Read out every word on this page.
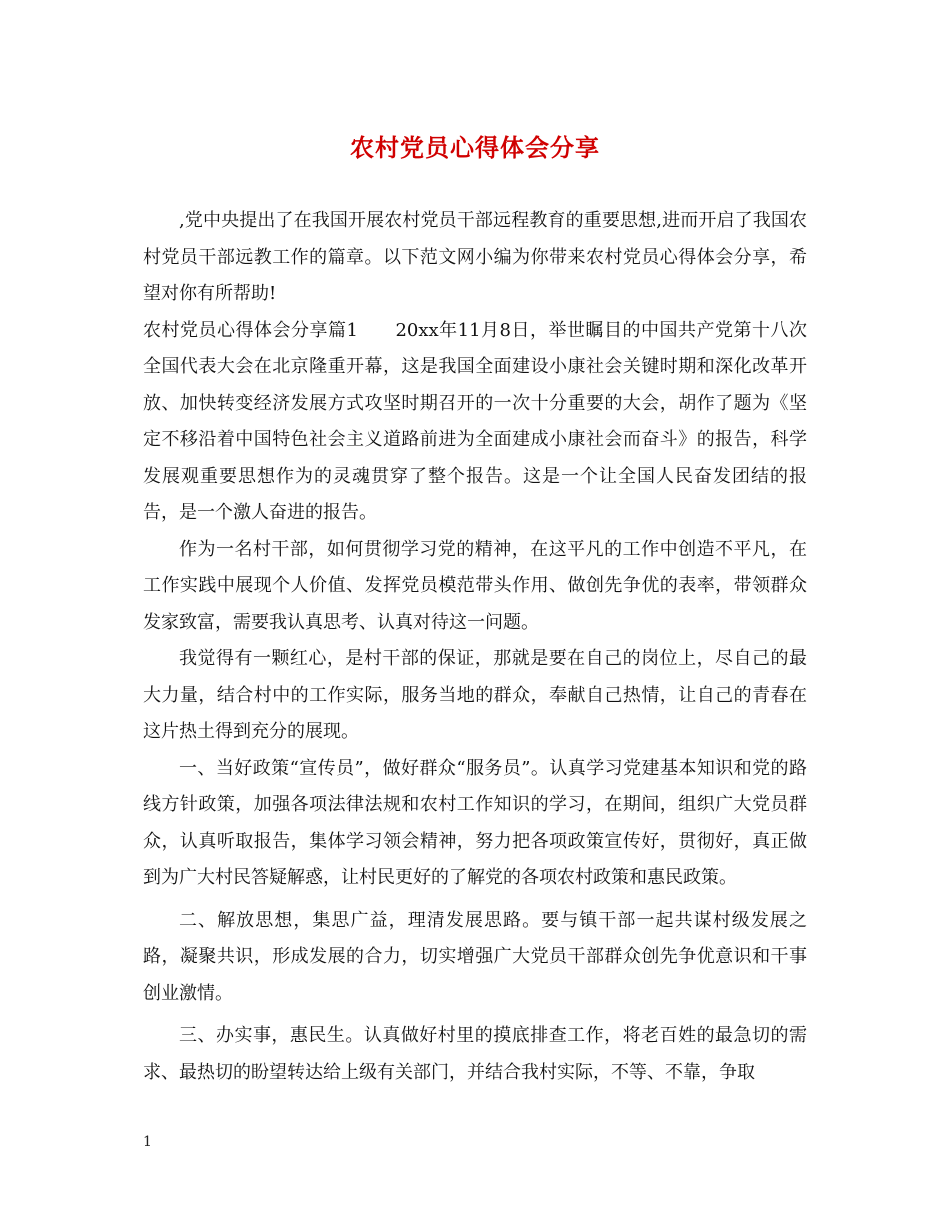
农村党员心得体会分享

,党中央提出了在我国开展农村党员干部远程教育的重要思想,进而开启了我国农村党员干部远教工作的篇章。以下范文网小编为你带来农村党员心得体会分享，希望对你有所帮助!

农村党员心得体会分享篇1　　20xx年11月8日，举世瞩目的中国共产党第十八次全国代表大会在北京隆重开幕，这是我国全面建设小康社会关键时期和深化改革开放、加快转变经济发展方式攻坚时期召开的一次十分重要的大会，胡作了题为《坚定不移沿着中国特色社会主义道路前进为全面建成小康社会而奋斗》的报告，科学发展观重要思想作为的灵魂贯穿了整个报告。这是一个让全国人民奋发团结的报告，是一个激人奋进的报告。

作为一名村干部，如何贯彻学习党的精神，在这平凡的工作中创造不平凡，在工作实践中展现个人价值、发挥党员模范带头作用、做创先争优的表率，带领群众发家致富，需要我认真思考、认真对待这一问题。

我觉得有一颗红心，是村干部的保证，那就是要在自己的岗位上，尽自己的最大力量，结合村中的工作实际，服务当地的群众，奉献自己热情，让自己的青春在这片热土得到充分的展现。

一、当好政策“宣传员”，做好群众“服务员”。认真学习党建基本知识和党的路线方针政策，加强各项法律法规和农村工作知识的学习，在期间，组织广大党员群众，认真听取报告，集体学习领会精神，努力把各项政策宣传好，贯彻好，真正做到为广大村民答疑解惑，让村民更好的了解党的各项农村政策和惠民政策。

二、解放思想，集思广益，理清发展思路。要与镇干部一起共谋村级发展之路，凝聚共识，形成发展的合力，切实增强广大党员干部群众创先争优意识和干事创业激情。

三、办实事，惠民生。认真做好村里的摸底排查工作，将老百姓的最急切的需求、最热切的盼望转达给上级有关部门，并结合我村实际，不等、不靠，争取

1
